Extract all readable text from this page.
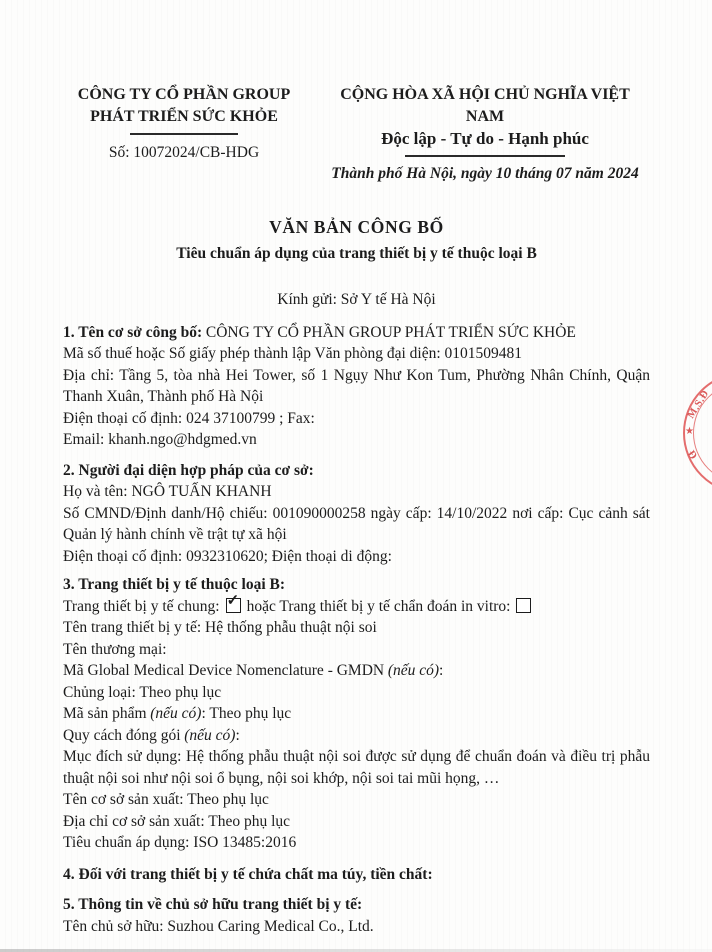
CÔNG TY CỔ PHẦN GROUP
PHÁT TRIỂN SỨC KHỎE
Số: 10072024/CB-HDG
CỘNG HÒA XÃ HỘI CHỦ NGHĨA VIỆT NAM
Độc lập - Tự do - Hạnh phúc
Thành phố Hà Nội, ngày 10 tháng 07 năm 2024
VĂN BẢN CÔNG BỐ
Tiêu chuẩn áp dụng của trang thiết bị y tế thuộc loại B
Kính gửi: Sở Y tế Hà Nội

1. Tên cơ sở công bố: CÔNG TY CỔ PHẦN GROUP PHÁT TRIỂN SỨC KHỎE

Mã số thuế hoặc Số giấy phép thành lập Văn phòng đại diện: 0101509481

Địa chỉ: Tầng 5, tòa nhà Hei Tower, số 1 Ngụy Như Kon Tum, Phường Nhân Chính, Quận Thanh Xuân, Thành phố Hà Nội

Điện thoại cố định: 024 37100799 ; Fax:

Email: khanh.ngo@hdgmed.vn

2. Người đại diện hợp pháp của cơ sở:

Họ và tên: NGÔ TUẤN KHANH

Số CMND/Định danh/Hộ chiếu: 001090000258 ngày cấp: 14/10/2022 nơi cấp: Cục cảnh sát Quản lý hành chính về trật tự xã hội

Điện thoại cố định: 0932310620; Điện thoại di động:

3. Trang thiết bị y tế thuộc loại B:

Trang thiết bị y tế chung: ✓ hoặc Trang thiết bị y tế chẩn đoán in vitro:

Tên trang thiết bị y tế: Hệ thống phẫu thuật nội soi

Tên thương mại:

Mã Global Medical Device Nomenclature - GMDN (nếu có):

Chủng loại: Theo phụ lục

Mã sản phẩm (nếu có): Theo phụ lục

Quy cách đóng gói (nếu có):

Mục đích sử dụng: Hệ thống phẫu thuật nội soi được sử dụng để chuẩn đoán và điều trị phẫu thuật nội soi như nội soi ổ bụng, nội soi khớp, nội soi tai mũi họng, …

Tên cơ sở sản xuất: Theo phụ lục

Địa chỉ cơ sở sản xuất: Theo phụ lục

Tiêu chuẩn áp dụng: ISO 13485:2016

4. Đối với trang thiết bị y tế chứa chất ma túy, tiền chất:

5. Thông tin về chủ sở hữu trang thiết bị y tế:

Tên chủ sở hữu: Suzhou Caring Medical Co., Ltd.

M.S.Đ
★
Đ
